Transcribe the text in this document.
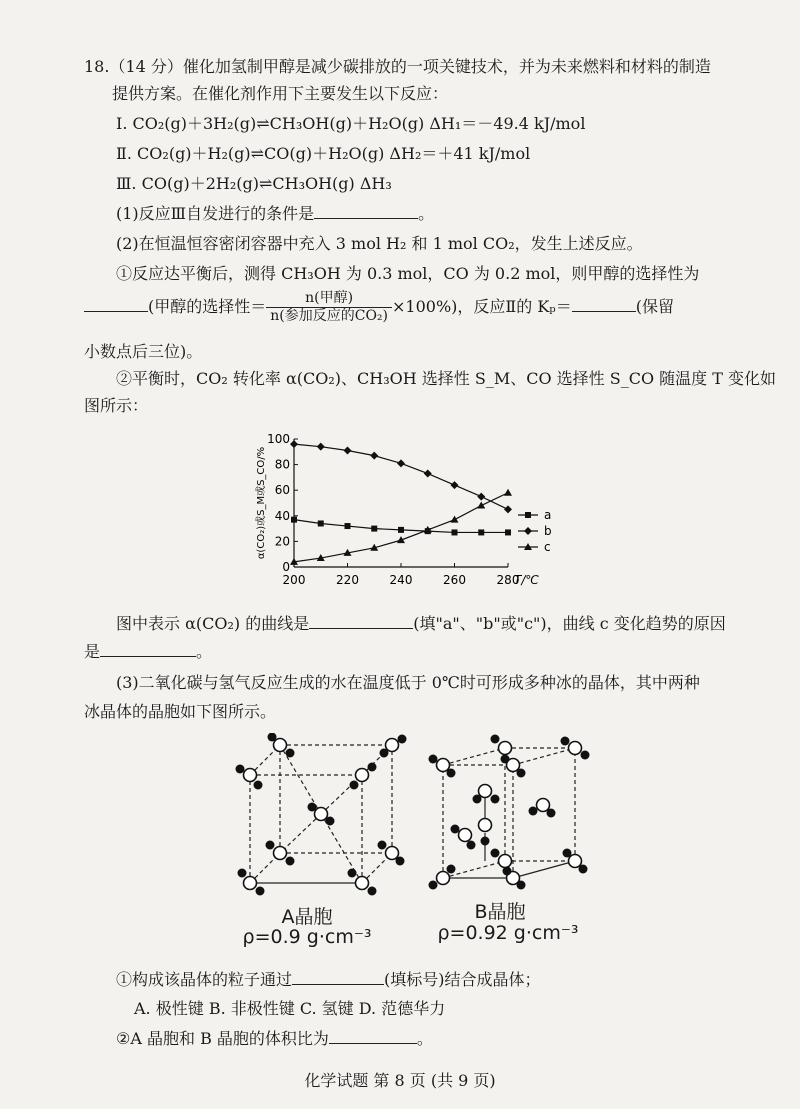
18.（14 分）催化加氢制甲醇是减少碳排放的一项关键技术，并为未来燃料和材料的制造
提供方案。在催化剂作用下主要发生以下反应：
Ⅰ. CO₂(g)＋3H₂(g)⇌CH₃OH(g)＋H₂O(g) ΔH₁＝－49.4 kJ/mol
Ⅱ. CO₂(g)＋H₂(g)⇌CO(g)＋H₂O(g) ΔH₂＝＋41 kJ/mol
Ⅲ. CO(g)＋2H₂(g)⇌CH₃OH(g) ΔH₃
(1)反应Ⅲ自发进行的条件是	。
(2)在恒温恒容密闭容器中充入 3 mol H₂ 和 1 mol CO₂，发生上述反应。
①反应达平衡后，测得 CH₃OH 为 0.3 mol，CO 为 0.2 mol，则甲醇的选择性为
(甲醇的选择性＝ $\frac{\text{n(甲醇)}}{\text{n(参加反应的CO₂)}} \times 100\%$)，反应Ⅱ的 Kₚ＝	(保留
小数点后三位)。
②平衡时，CO₂ 转化率 α(CO₂)、CH₃OH 选择性 S_M、CO 选择性 S_CO 随温度 T 变化如
图所示：
0
20
40
60
80
100
200	220	240	260	280
T/℃
α(CO₂)或S_M或S_CO/%	a
b
c
图中表示 α(CO₂) 的曲线是	(填"a"、"b"或"c")，曲线 c 变化趋势的原因
是	。
(3)二氧化碳与氢气反应生成的水在温度低于 0℃时可形成多种冰的晶体，其中两种
冰晶体的晶胞如下图所示。
A晶胞
ρ=0.9 g·cm⁻³
B晶胞
ρ=0.92 g·cm⁻³
①构成该晶体的粒子通过	(填标号)结合成晶体；
A. 极性键 B. 非极性键 C. 氢键 D. 范德华力
②A 晶胞和 B 晶胞的体积比为	。
化学试题 第 8 页 (共 9 页)
